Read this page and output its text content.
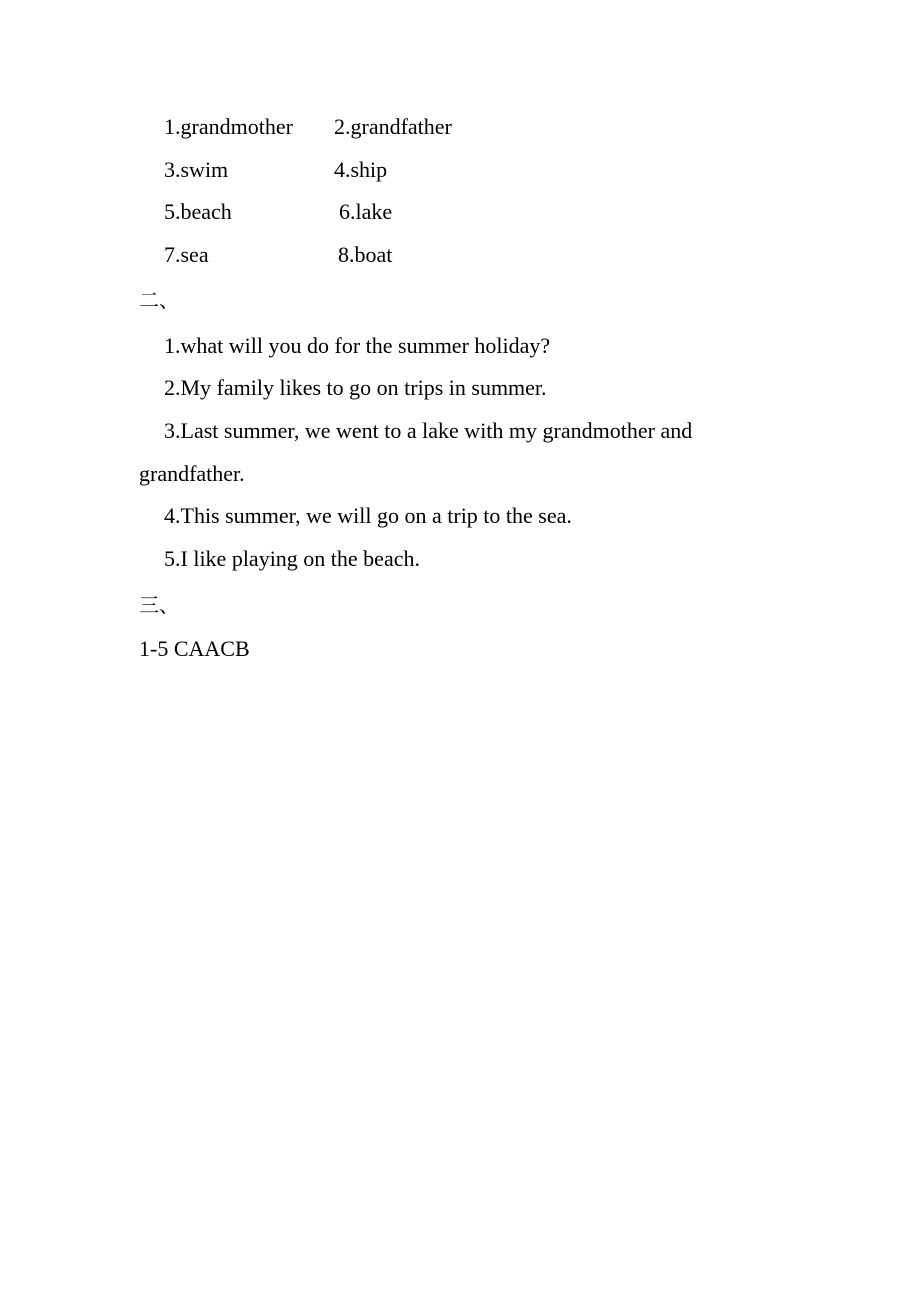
1.grandmother 2.grandfather
3.swim	4.ship
5.beach	6.lake
7.sea	8.boat
二、
1.what will you do for the summer holiday?
2.My family likes to go on trips in summer.
3.Last summer, we went to a lake with my grandmother and
grandfather.
4.This summer, we will go on a trip to the sea.
5.I like playing on the beach.
三、
1-5 CAACB
